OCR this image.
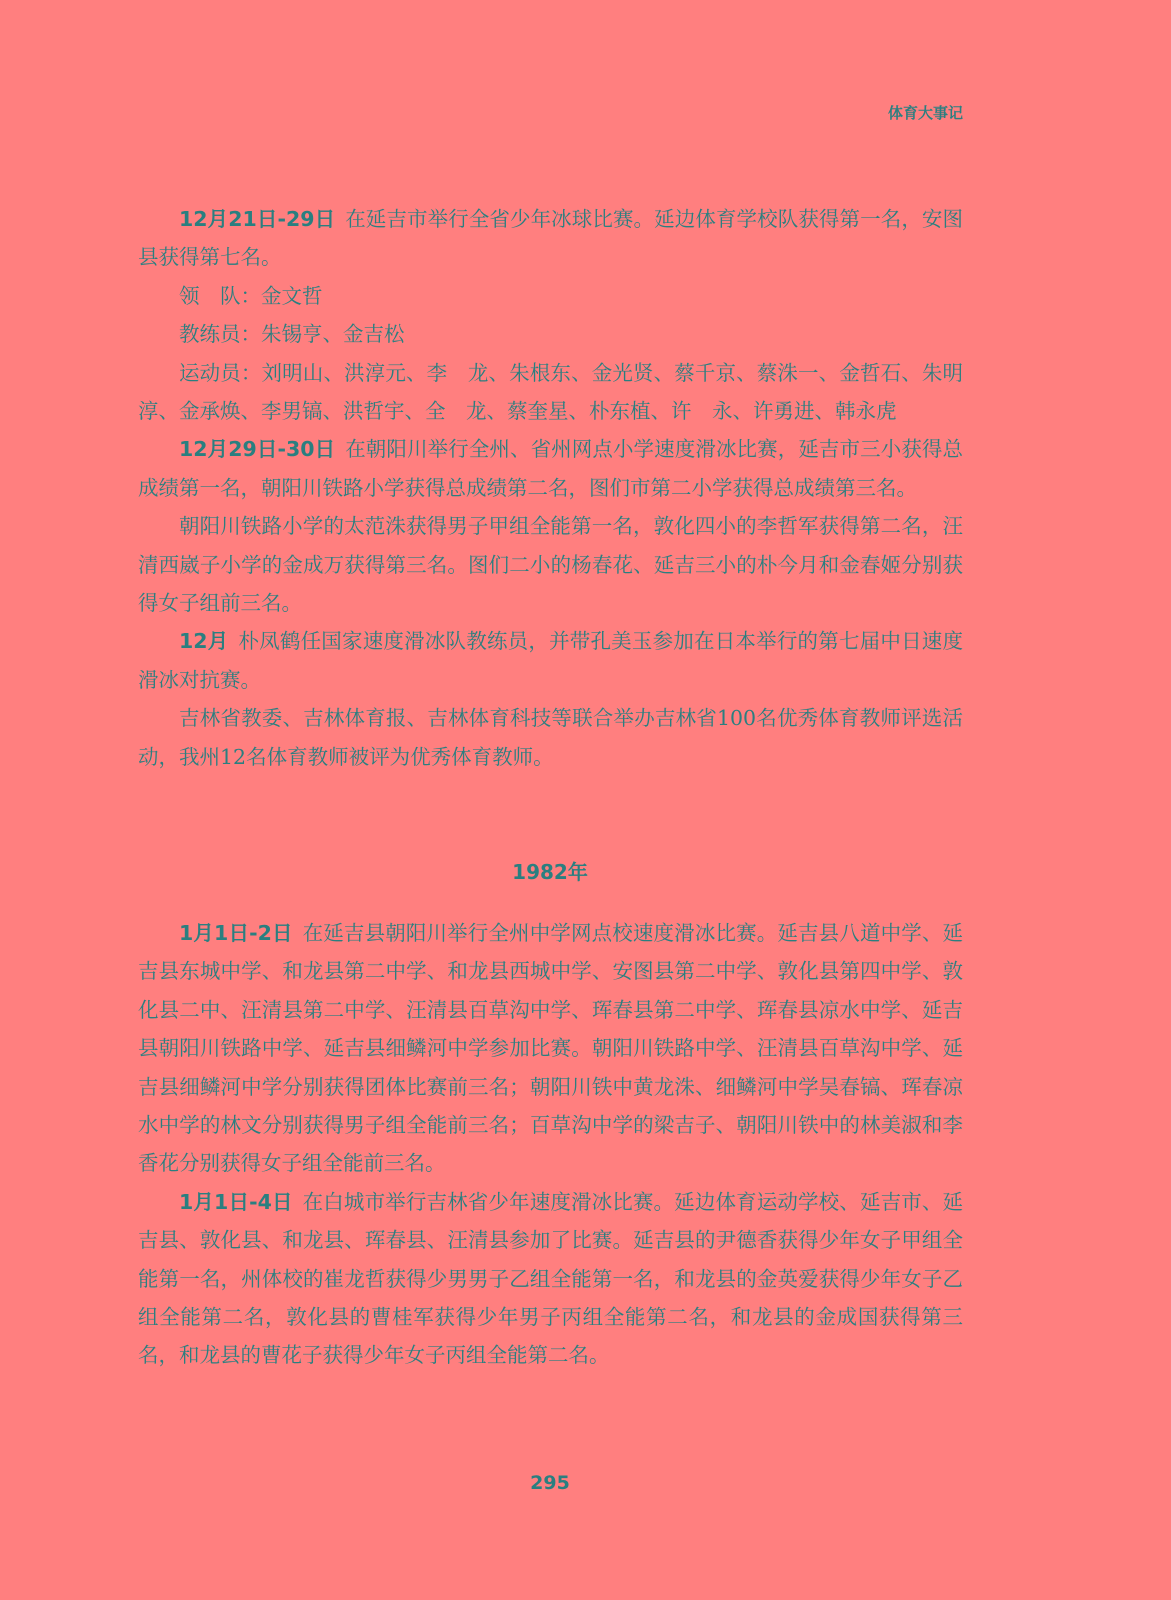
体育大事记

12月21日-29日 在延吉市举行全省少年冰球比赛。延边体育学校队获得第一名，安图县获得第七名。

领　队：金文哲

教练员：朱锡亨、金吉松

运动员：刘明山、洪淳元、李　龙、朱根东、金光贤、蔡千京、蔡洙一、金哲石、朱明淳、金承焕、李男镐、洪哲宇、全　龙、蔡奎星、朴东植、许　永、许勇进、韩永虎

12月29日-30日 在朝阳川举行全州、省州网点小学速度滑冰比赛，延吉市三小获得总成绩第一名，朝阳川铁路小学获得总成绩第二名，图们市第二小学获得总成绩第三名。

朝阳川铁路小学的太范洙获得男子甲组全能第一名，敦化四小的李哲军获得第二名，汪清西崴子小学的金成万获得第三名。图们二小的杨春花、延吉三小的朴今月和金春姬分别获得女子组前三名。

12月 朴凤鹤任国家速度滑冰队教练员，并带孔美玉参加在日本举行的第七届中日速度滑冰对抗赛。

吉林省教委、吉林体育报、吉林体育科技等联合举办吉林省100名优秀体育教师评选活动，我州12名体育教师被评为优秀体育教师。

1982年

1月1日-2日 在延吉县朝阳川举行全州中学网点校速度滑冰比赛。延吉县八道中学、延吉县东城中学、和龙县第二中学、和龙县西城中学、安图县第二中学、敦化县第四中学、敦化县二中、汪清县第二中学、汪清县百草沟中学、珲春县第二中学、珲春县凉水中学、延吉县朝阳川铁路中学、延吉县细鳞河中学参加比赛。朝阳川铁路中学、汪清县百草沟中学、延吉县细鳞河中学分别获得团体比赛前三名；朝阳川铁中黄龙洙、细鳞河中学吴春镐、珲春凉水中学的林文分别获得男子组全能前三名；百草沟中学的梁吉子、朝阳川铁中的林美淑和李香花分别获得女子组全能前三名。

1月1日-4日 在白城市举行吉林省少年速度滑冰比赛。延边体育运动学校、延吉市、延吉县、敦化县、和龙县、珲春县、汪清县参加了比赛。延吉县的尹德香获得少年女子甲组全能第一名，州体校的崔龙哲获得少男男子乙组全能第一名，和龙县的金英爱获得少年女子乙组全能第二名，敦化县的曹桂军获得少年男子丙组全能第二名，和龙县的金成国获得第三名，和龙县的曹花子获得少年女子丙组全能第二名。

295
